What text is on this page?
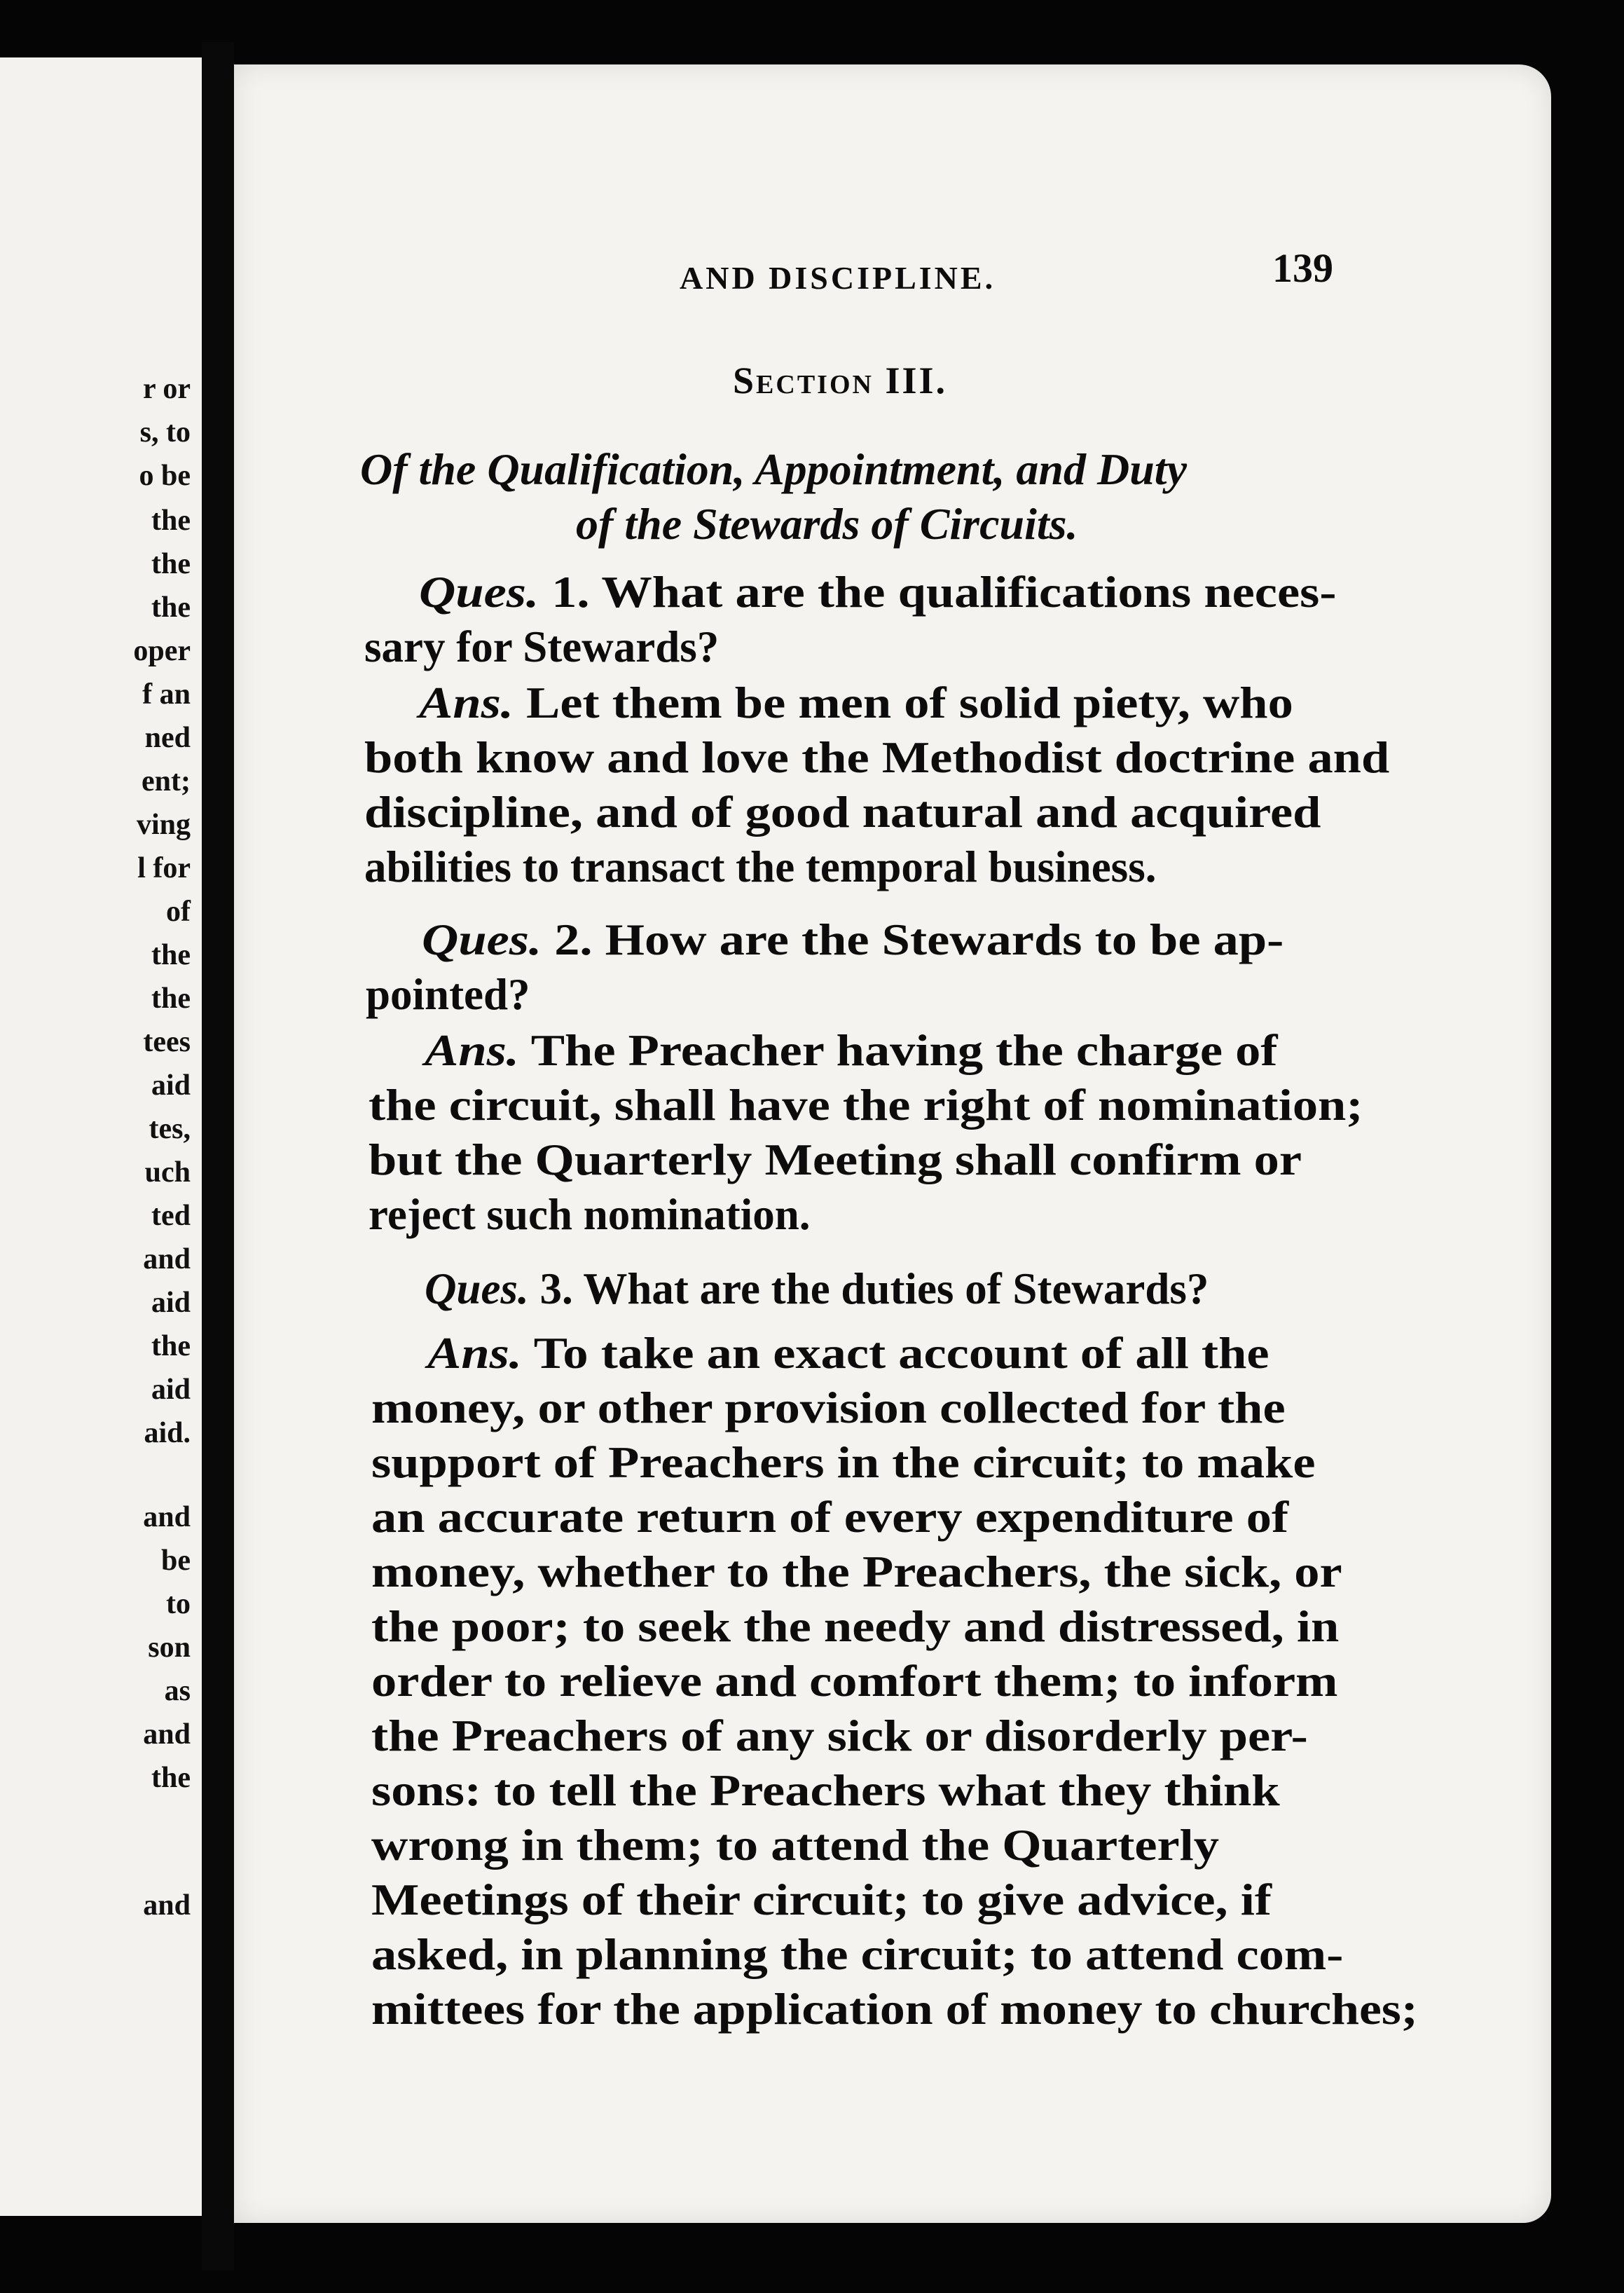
r or
s, to
o be
the
the
the
oper
f an
ned
ent;
ving
l for
of
the
the
tees
aid
tes,
uch
ted
and
aid
the
aid
aid.
and
be
to
son
as
and
the
and
AND DISCIPLINE.	139
Section III.
Of the Qualification, Appointment, and Duty
of the Stewards of Circuits.
Ques. 1. What are the qualifications neces-
sary for Stewards?
Ans. Let them be men of solid piety, who
both know and love the Methodist doctrine and
discipline, and of good natural and acquired
abilities to transact the temporal business.
Ques. 2. How are the Stewards to be ap-
pointed?
Ans. The Preacher having the charge of
the circuit, shall have the right of nomination;
but the Quarterly Meeting shall confirm or
reject such nomination.
Ques. 3. What are the duties of Stewards?
Ans. To take an exact account of all the
money, or other provision collected for the
support of Preachers in the circuit; to make
an accurate return of every expenditure of
money, whether to the Preachers, the sick, or
the poor; to seek the needy and distressed, in
order to relieve and comfort them; to inform
the Preachers of any sick or disorderly per-
sons: to tell the Preachers what they think
wrong in them; to attend the Quarterly
Meetings of their circuit; to give advice, if
asked, in planning the circuit; to attend com-
mittees for the application of money to churches;
